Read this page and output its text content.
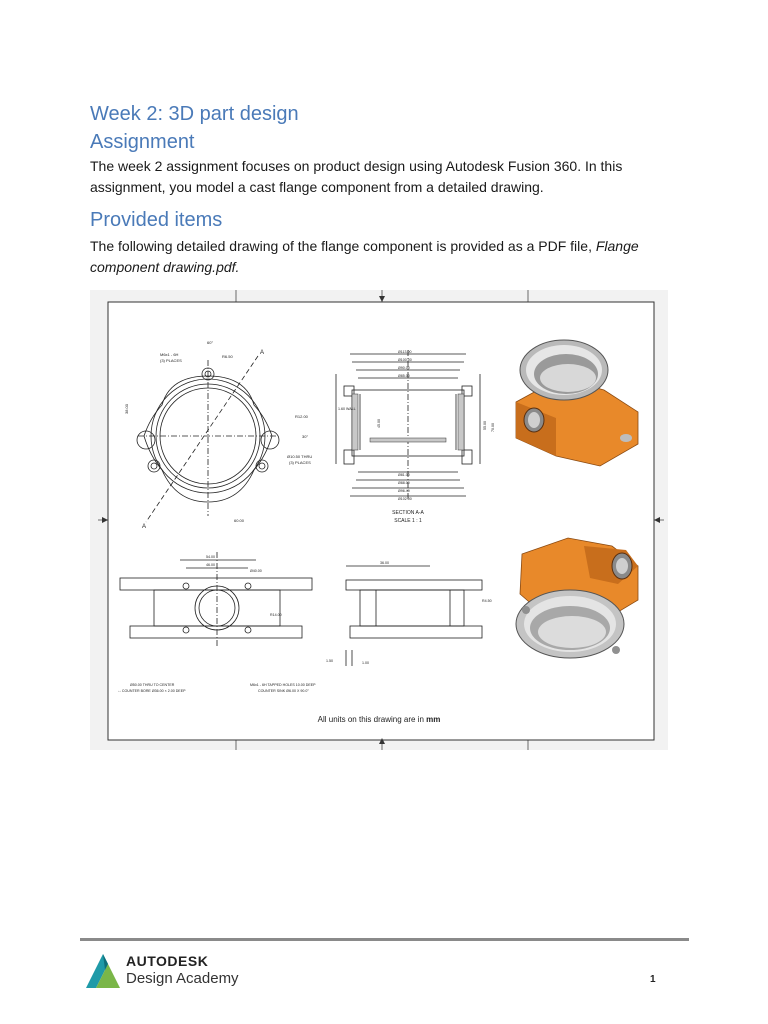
Week 2: 3D part design
Assignment

The week 2 assignment focuses on product design using Autodesk Fusion 360. In this assignment, you model a cast flange component from a detailed drawing.

Provided items

The following detailed drawing of the flange component is provided as a PDF file, Flange component drawing.pdf.

M6x1 - 6H
(3) PLACES
R6.50
60°
R12.00
30°
Ø10.50 THRU
(3) PLACES
60.00
38.00
A
A
Ø113.00
Ø100.00
Ø90.00
Ø85.00
Ø81.00
Ø88.00
Ø96.40
Ø102.00
55.00 70.00
45.00
1.60 WALL
SECTION A-A
SCALE 1 : 1
54.00
46.00
Ø40.00
R14.00
Ø50.00 THRU TO CENTER
⌴ COUNTER BORE Ø36.00 × 2.00 DEEP
M6x1 - 6H TAPPED HOLES 10.00 DEEP
COUNTER SINK Ø6.00 X 90.0°
36.00
R4.50
1.50	1.00
All units on this drawing are in mm
AUTODESK
Design Academy	1
